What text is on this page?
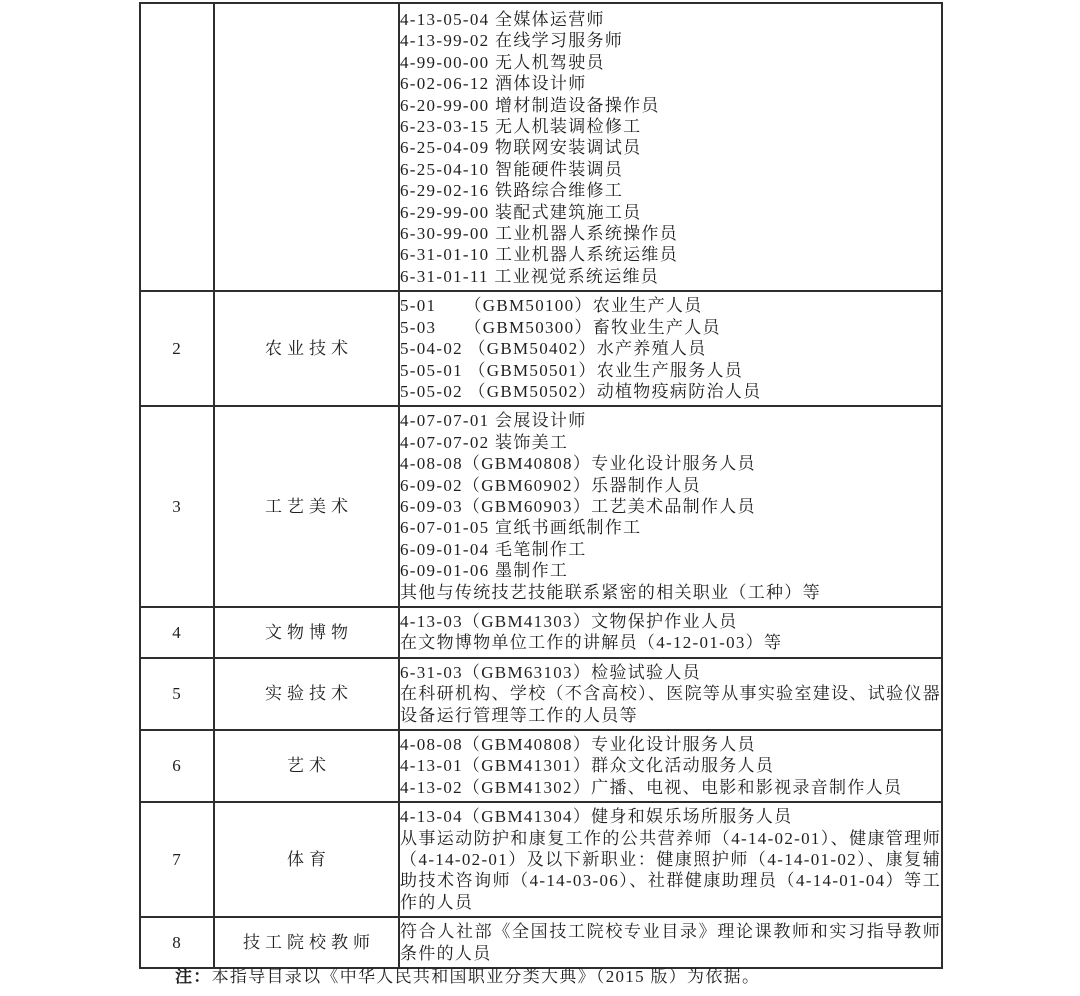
4-13-05-04 全媒体运营师
4-13-99-02 在线学习服务师
4-99-00-00 无人机驾驶员
6-02-06-12 酒体设计师
6-20-99-00 增材制造设备操作员
6-23-03-15 无人机装调检修工
6-25-04-09 物联网安装调试员
6-25-04-10 智能硬件装调员
6-29-02-16 铁路综合维修工
6-29-99-00 装配式建筑施工员
6-30-99-00 工业机器人系统操作员
6-31-01-10 工业机器人系统运维员
6-31-01-11 工业视觉系统运维员

2	农业技术	5-01　　（GBM50100）农业生产人员
5-03　　（GBM50300）畜牧业生产人员
5-04-02 （GBM50402）水产养殖人员
5-05-01 （GBM50501）农业生产服务人员
5-05-02 （GBM50502）动植物疫病防治人员

3	工艺美术	
4-07-07-01 会展设计师
4-07-07-02 装饰美工
4-08-08（GBM40808）专业化设计服务人员
6-09-02（GBM60902）乐器制作人员
6-09-03（GBM60903）工艺美术品制作人员
6-07-01-05 宣纸书画纸制作工
6-09-01-04 毛笔制作工
6-09-01-06 墨制作工
其他与传统技艺技能联系紧密的相关职业（工种）等

4	文物博物	4-13-03（GBM41303）文物保护作业人员
在文物博物单位工作的讲解员（4-12-01-03）等

5	实验技术	6-31-03（GBM63103）检验试验人员
在科研机构、学校（不含高校）、医院等从事实验室建设、试验仪器设备运行管理等工作的人员等

6	艺术	4-08-08（GBM40808）专业化设计服务人员
4-13-01（GBM41301）群众文化活动服务人员
4-13-02（GBM41302）广播、电视、电影和影视录音制作人员

7	体育	4-13-04（GBM41304）健身和娱乐场所服务人员
从事运动防护和康复工作的公共营养师（4-14-02-01）、健康管理师（4-14-02-01）及以下新职业：健康照护师（4-14-01-02）、康复辅助技术咨询师（4-14-03-06）、社群健康助理员（4-14-01-04）等工作的人员

8	技工院校教师	符合人社部《全国技工院校专业目录》理论课教师和实习指导教师条件的人员
注：本指导目录以《中华人民共和国职业分类大典》（2015 版）为依据。
